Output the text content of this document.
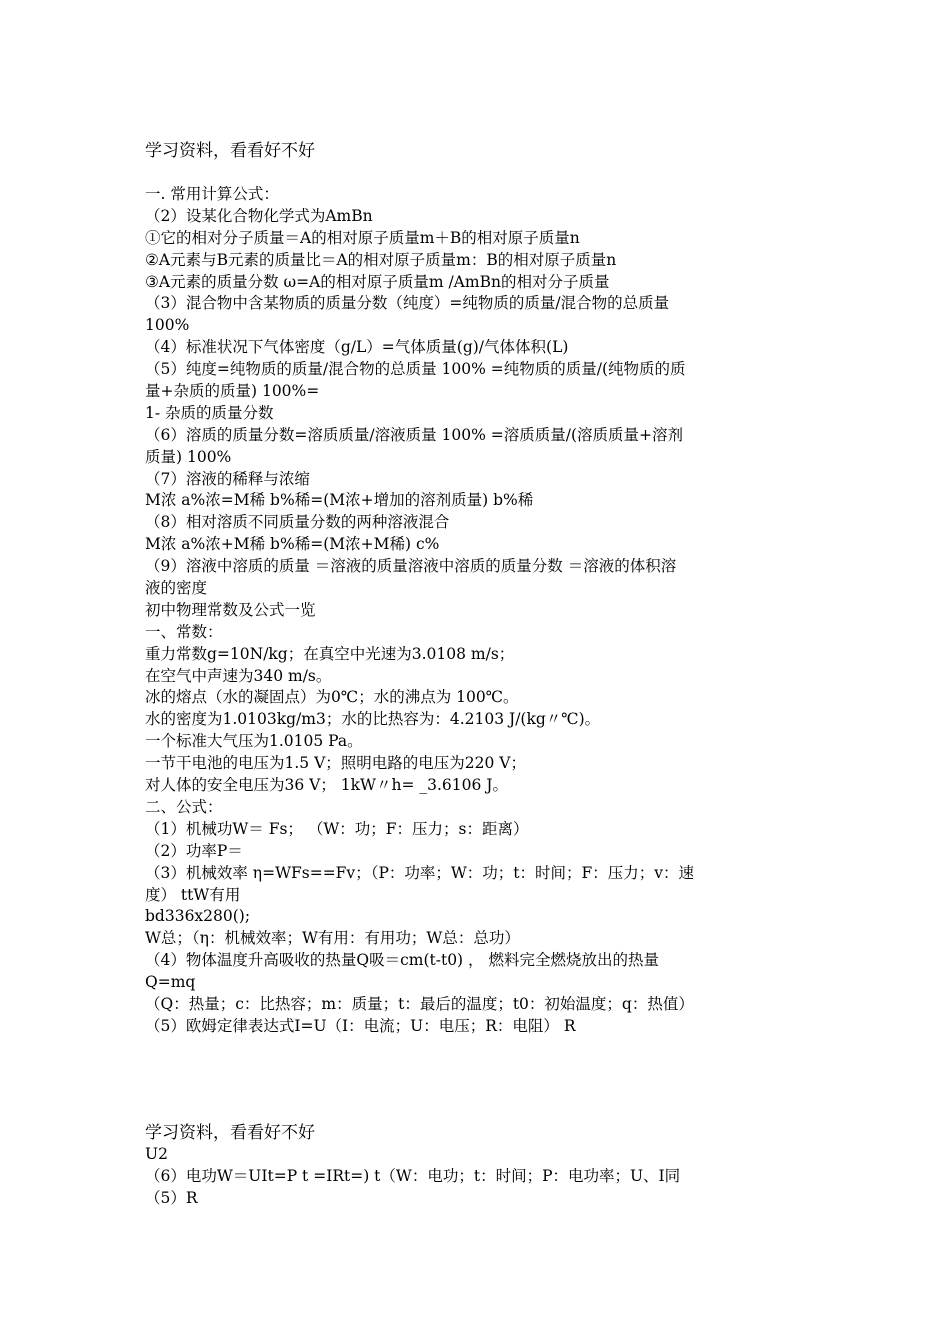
学习资料，看看好不好
一. 常用计算公式：
（2）设某化合物化学式为AmBn
①它的相对分子质量＝A的相对原子质量m＋B的相对原子质量n
②A元素与B元素的质量比＝A的相对原子质量m：B的相对原子质量n
③A元素的质量分数 ω=A的相对原子质量m /AmBn的相对分子质量
（3）混合物中含某物质的质量分数（纯度）=纯物质的质量/混合物的总质量
100%
（4）标准状况下气体密度（g/L）=气体质量(g)/气体体积(L)
（5）纯度=纯物质的质量/混合物的总质量 100% =纯物质的质量/(纯物质的质
量+杂质的质量) 100%=
1- 杂质的质量分数
（6）溶质的质量分数=溶质质量/溶液质量 100% =溶质质量/(溶质质量+溶剂
质量) 100%
（7）溶液的稀释与浓缩
M浓 a%浓=M稀 b%稀=(M浓+增加的溶剂质量) b%稀
（8）相对溶质不同质量分数的两种溶液混合
M浓 a%浓+M稀 b%稀=(M浓+M稀) c%
（9）溶液中溶质的质量 ＝溶液的质量溶液中溶质的质量分数 ＝溶液的体积溶
液的密度
初中物理常数及公式一览
一、常数：
重力常数g=10N/kg；在真空中光速为3.0108 m/s；
在空气中声速为340 m/s。
冰的熔点（水的凝固点）为0℃；水的沸点为 100℃。
水的密度为1.0103kg/m3；水的比热容为：4.2103 J/(kg〃℃)。
一个标准大气压为1.0105 Pa。
一节干电池的电压为1.5 V；照明电路的电压为220 V；
对人体的安全电压为36 V； 1kW〃h= _3.6106 J。
二、公式：
（1）机械功W＝ Fs； （W：功；F：压力；s：距离）
（2）功率P＝
（3）机械效率 η=WFs==Fv；（P：功率；W：功；t：时间；F：压力；v：速
度） ttW有用
bd336x280();
W总；（η：机械效率；W有用：有用功；W总：总功）
（4）物体温度升高吸收的热量Q吸＝cm(t-t0) ， 燃料完全燃烧放出的热量
Q=mq
（Q：热量；c：比热容；m：质量；t：最后的温度；t0：初始温度；q：热值）
（5）欧姆定律表达式I=U（I：电流；U：电压；R：电阻） R
学习资料，看看好不好
U2
（6）电功W＝UIt=P t =IRt=) t（W：电功；t：时间；P：电功率；U、I同
（5）R
